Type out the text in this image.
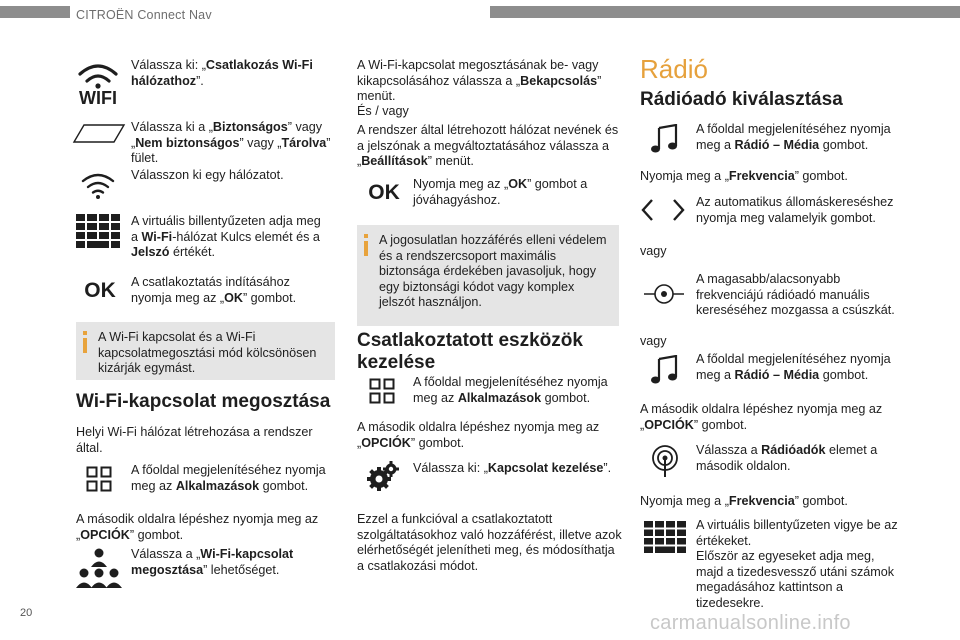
CITROËN Connect Nav
WIFI
Válassza ki: „Csatlakozás Wi-Fi hálózathoz”.
Válassza ki a „Biztonságos” vagy „Nem biztonságos” vagy „Tárolva” fület.
Válasszon ki egy hálózatot.
A virtuális billentyűzeten adja meg a Wi-Fi-hálózat Kulcs elemét és a Jelszó értékét.
OK A csatlakoztatás indításához nyomja meg az „OK” gombot.
A Wi-Fi kapcsolat és a Wi-Fi kapcsolatmegosztási mód kölcsönösen kizárják egymást.
Wi-Fi-kapcsolat megosztása
Helyi Wi-Fi hálózat létrehozása a rendszer által.
A főoldal megjelenítéséhez nyomja meg az Alkalmazások gombot.
A második oldalra lépéshez nyomja meg az „OPCIÓK” gombot.
Válassza a „Wi-Fi-kapcsolat megosztása” lehetőséget.
A Wi-Fi-kapcsolat megosztásának be- vagy kikapcsolásához válassza a „Bekapcsolás” menüt.
És / vagy
A rendszer által létrehozott hálózat nevének és a jelszónak a megváltoztatásához válassza a „Beállítások” menüt.
OK Nyomja meg az „OK” gombot a jóváhagyáshoz.
A jogosulatlan hozzáférés elleni védelem és a rendszercsoport maximális biztonsága érdekében javasoljuk, hogy egy biztonsági kódot vagy komplex jelszót használjon.
Csatlakoztatott eszközök kezelése
A főoldal megjelenítéséhez nyomja meg az Alkalmazások gombot.
A második oldalra lépéshez nyomja meg az „OPCIÓK” gombot.
Válassza ki: „Kapcsolat kezelése”.
Ezzel a funkcióval a csatlakoztatott szolgáltatásokhoz való hozzáférést, illetve azok elérhetőségét jelenítheti meg, és módosíthatja a csatlakozási módot.
Rádió
Rádióadó kiválasztása
A főoldal megjelenítéséhez nyomja meg a Rádió – Média gombot.
Nyomja meg a „Frekvencia” gombot.
Az automatikus állomáskereséshez nyomja meg valamelyik gombot.
vagy
A magasabb/alacsonyabb frekvenciájú rádióadó manuális kereséséhez mozgassa a csúszkát.
vagy
A főoldal megjelenítéséhez nyomja meg a Rádió – Média gombot.
A második oldalra lépéshez nyomja meg az „OPCIÓK” gombot.
Válassza a Rádióadók elemet a második oldalon.
Nyomja meg a „Frekvencia” gombot.
A virtuális billentyűzeten vigye be az értékeket.
Először az egyeseket adja meg, majd a tizedesvessző utáni számok megadásához kattintson a tizedesekre.
20	carmanualsonline.info
